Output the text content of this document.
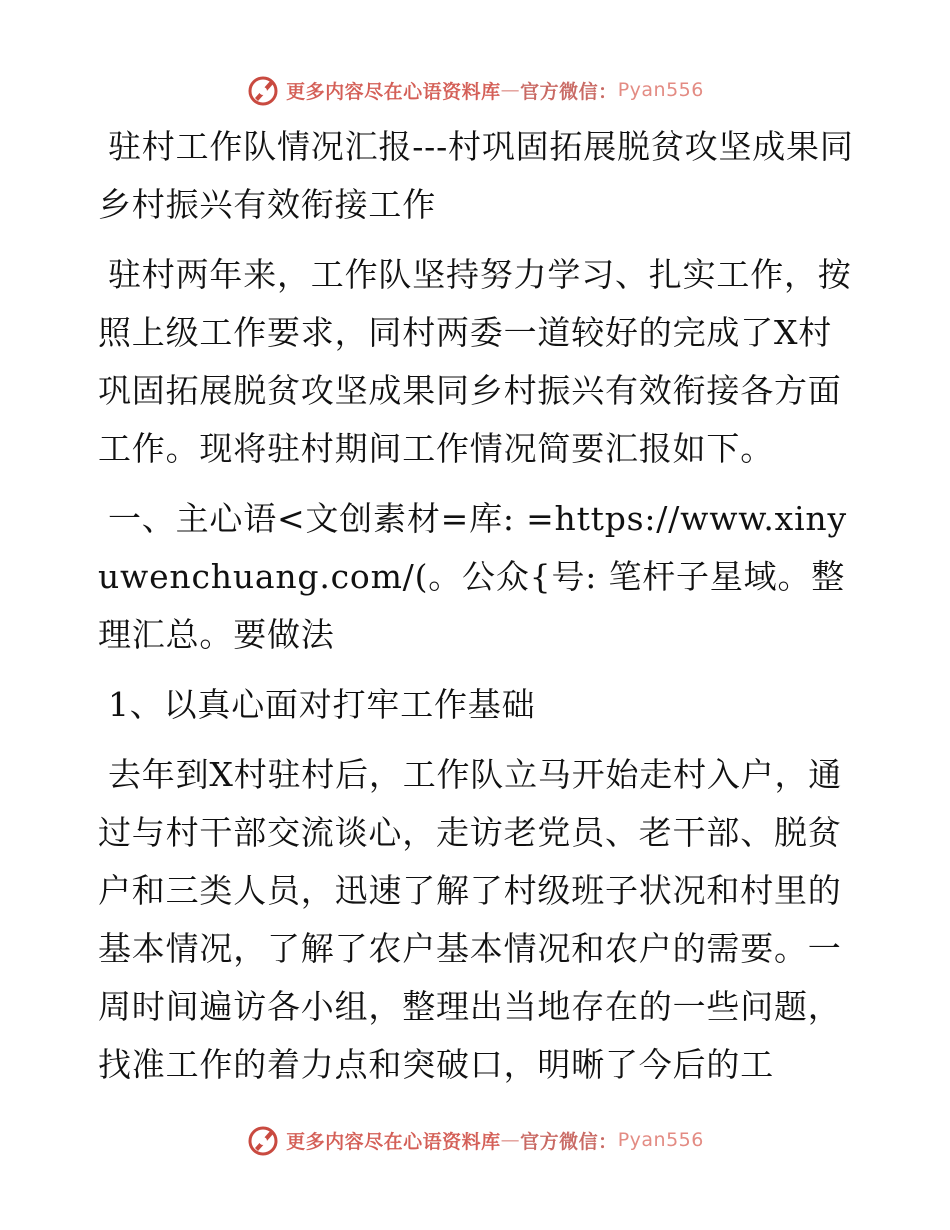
更多内容尽在心语资料库 — 官方微信： Pyan556

驻村工作队情况汇报---村巩固拓展脱贫攻坚成果同乡村振兴有效衔接工作

驻村两年来，工作队坚持努力学习、扎实工作，按照上级工作要求，同村两委一道较好的完成了X村巩固拓展脱贫攻坚成果同乡村振兴有效衔接各方面工作。现将驻村期间工作情况简要汇报如下。

一、主心语<文创素材=库: =https://www.xinyuwenchuang.com/(。公众{号: 笔杆子星域。整理汇总。要做法

1、以真心面对打牢工作基础

去年到X村驻村后，工作队立马开始走村入户，通过与村干部交流谈心，走访老党员、老干部、脱贫户和三类人员，迅速了解了村级班子状况和村里的基本情况，了解了农户基本情况和农户的需要。一周时间遍访各小组，整理出当地存在的一些问题，找准工作的着力点和突破口，明晰了今后的工

更多内容尽在心语资料库 — 官方微信： Pyan556
